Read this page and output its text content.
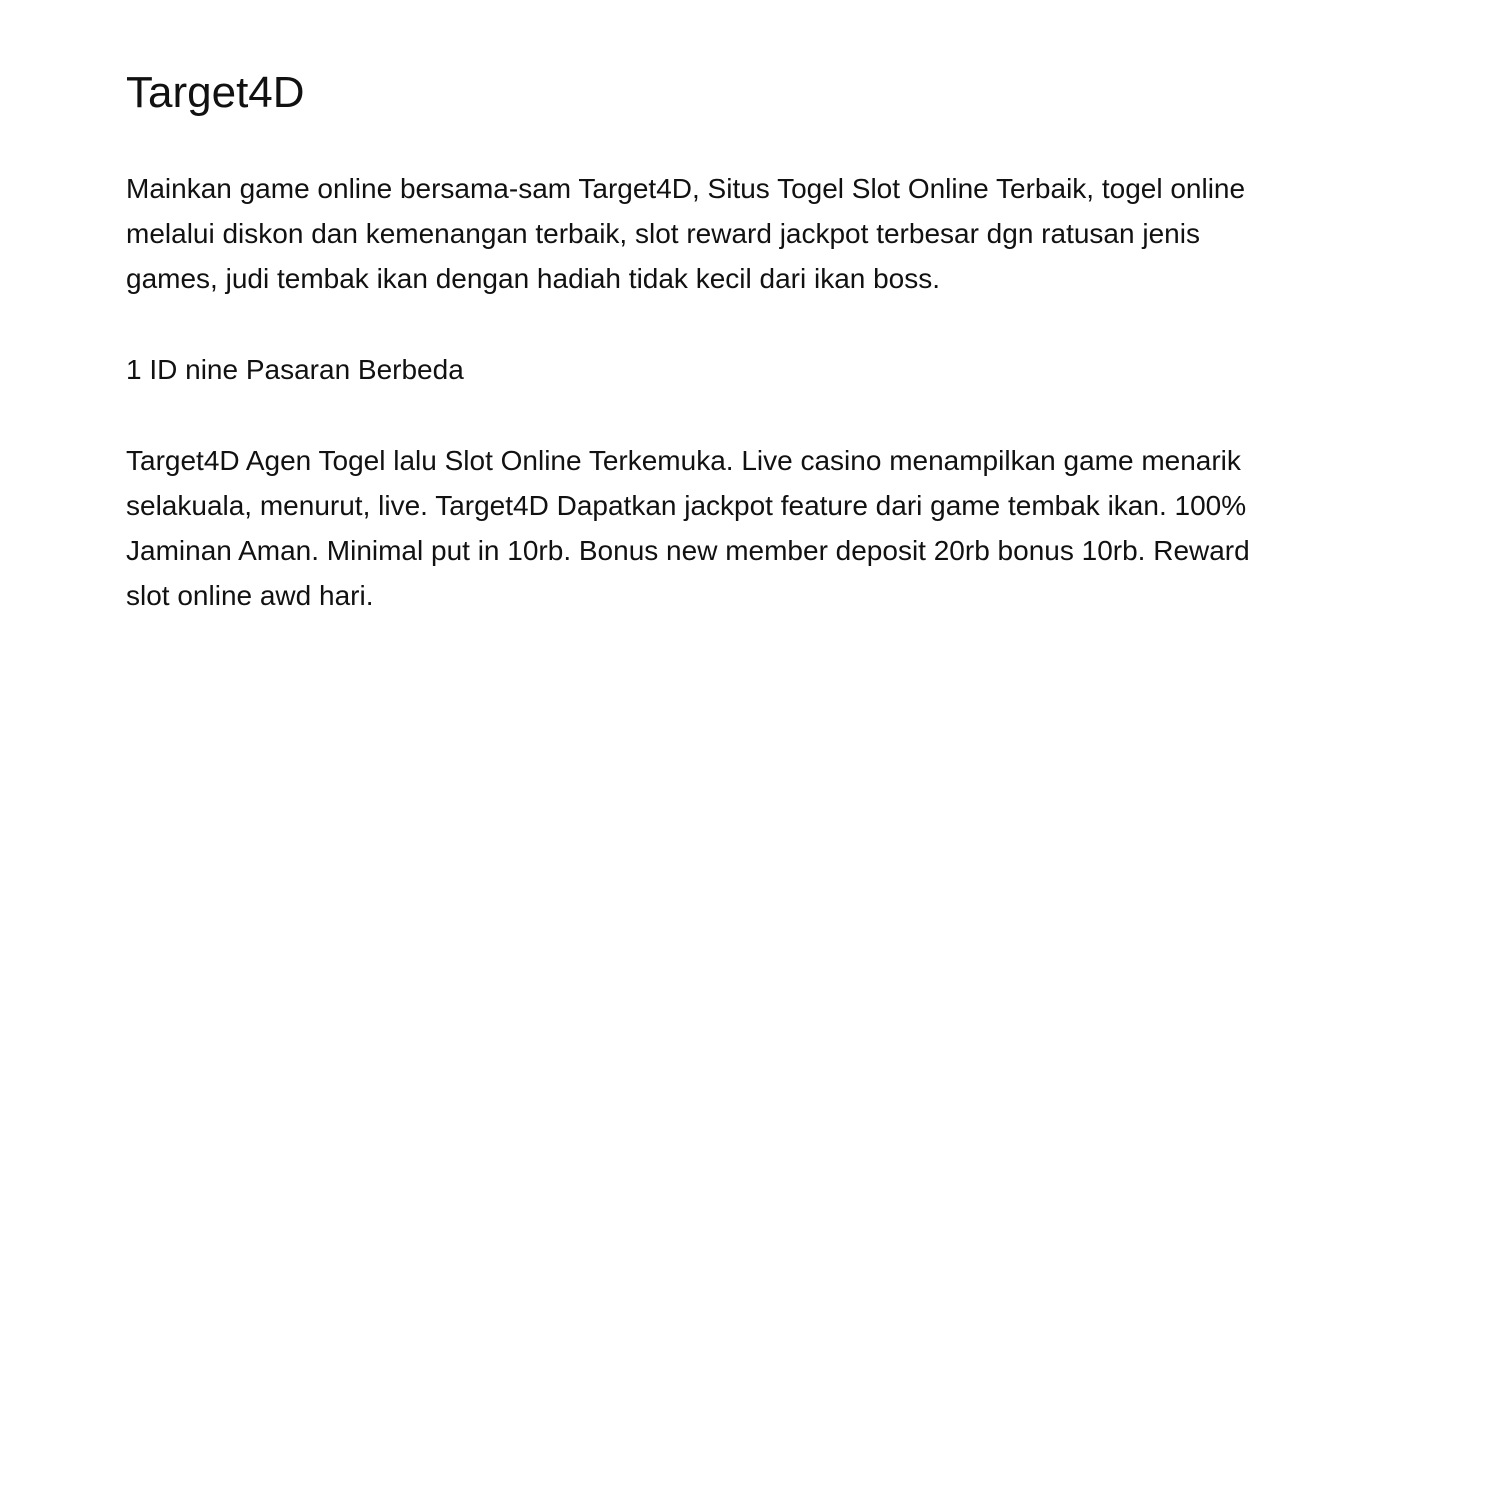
Target4D

Mainkan game online bersama-sam Target4D, Situs Togel Slot Online Terbaik, togel online
melalui diskon dan kemenangan terbaik, slot reward jackpot terbesar dgn ratusan jenis
games, judi tembak ikan dengan hadiah tidak kecil dari ikan boss.

1 ID nine Pasaran Berbeda

Target4D Agen Togel lalu Slot Online Terkemuka. Live casino menampilkan game menarik
selakuala, menurut, live. Target4D Dapatkan jackpot feature dari game tembak ikan. 100%
Jaminan Aman. Minimal put in 10rb. Bonus new member deposit 20rb bonus 10rb. Reward
slot online awd hari.
